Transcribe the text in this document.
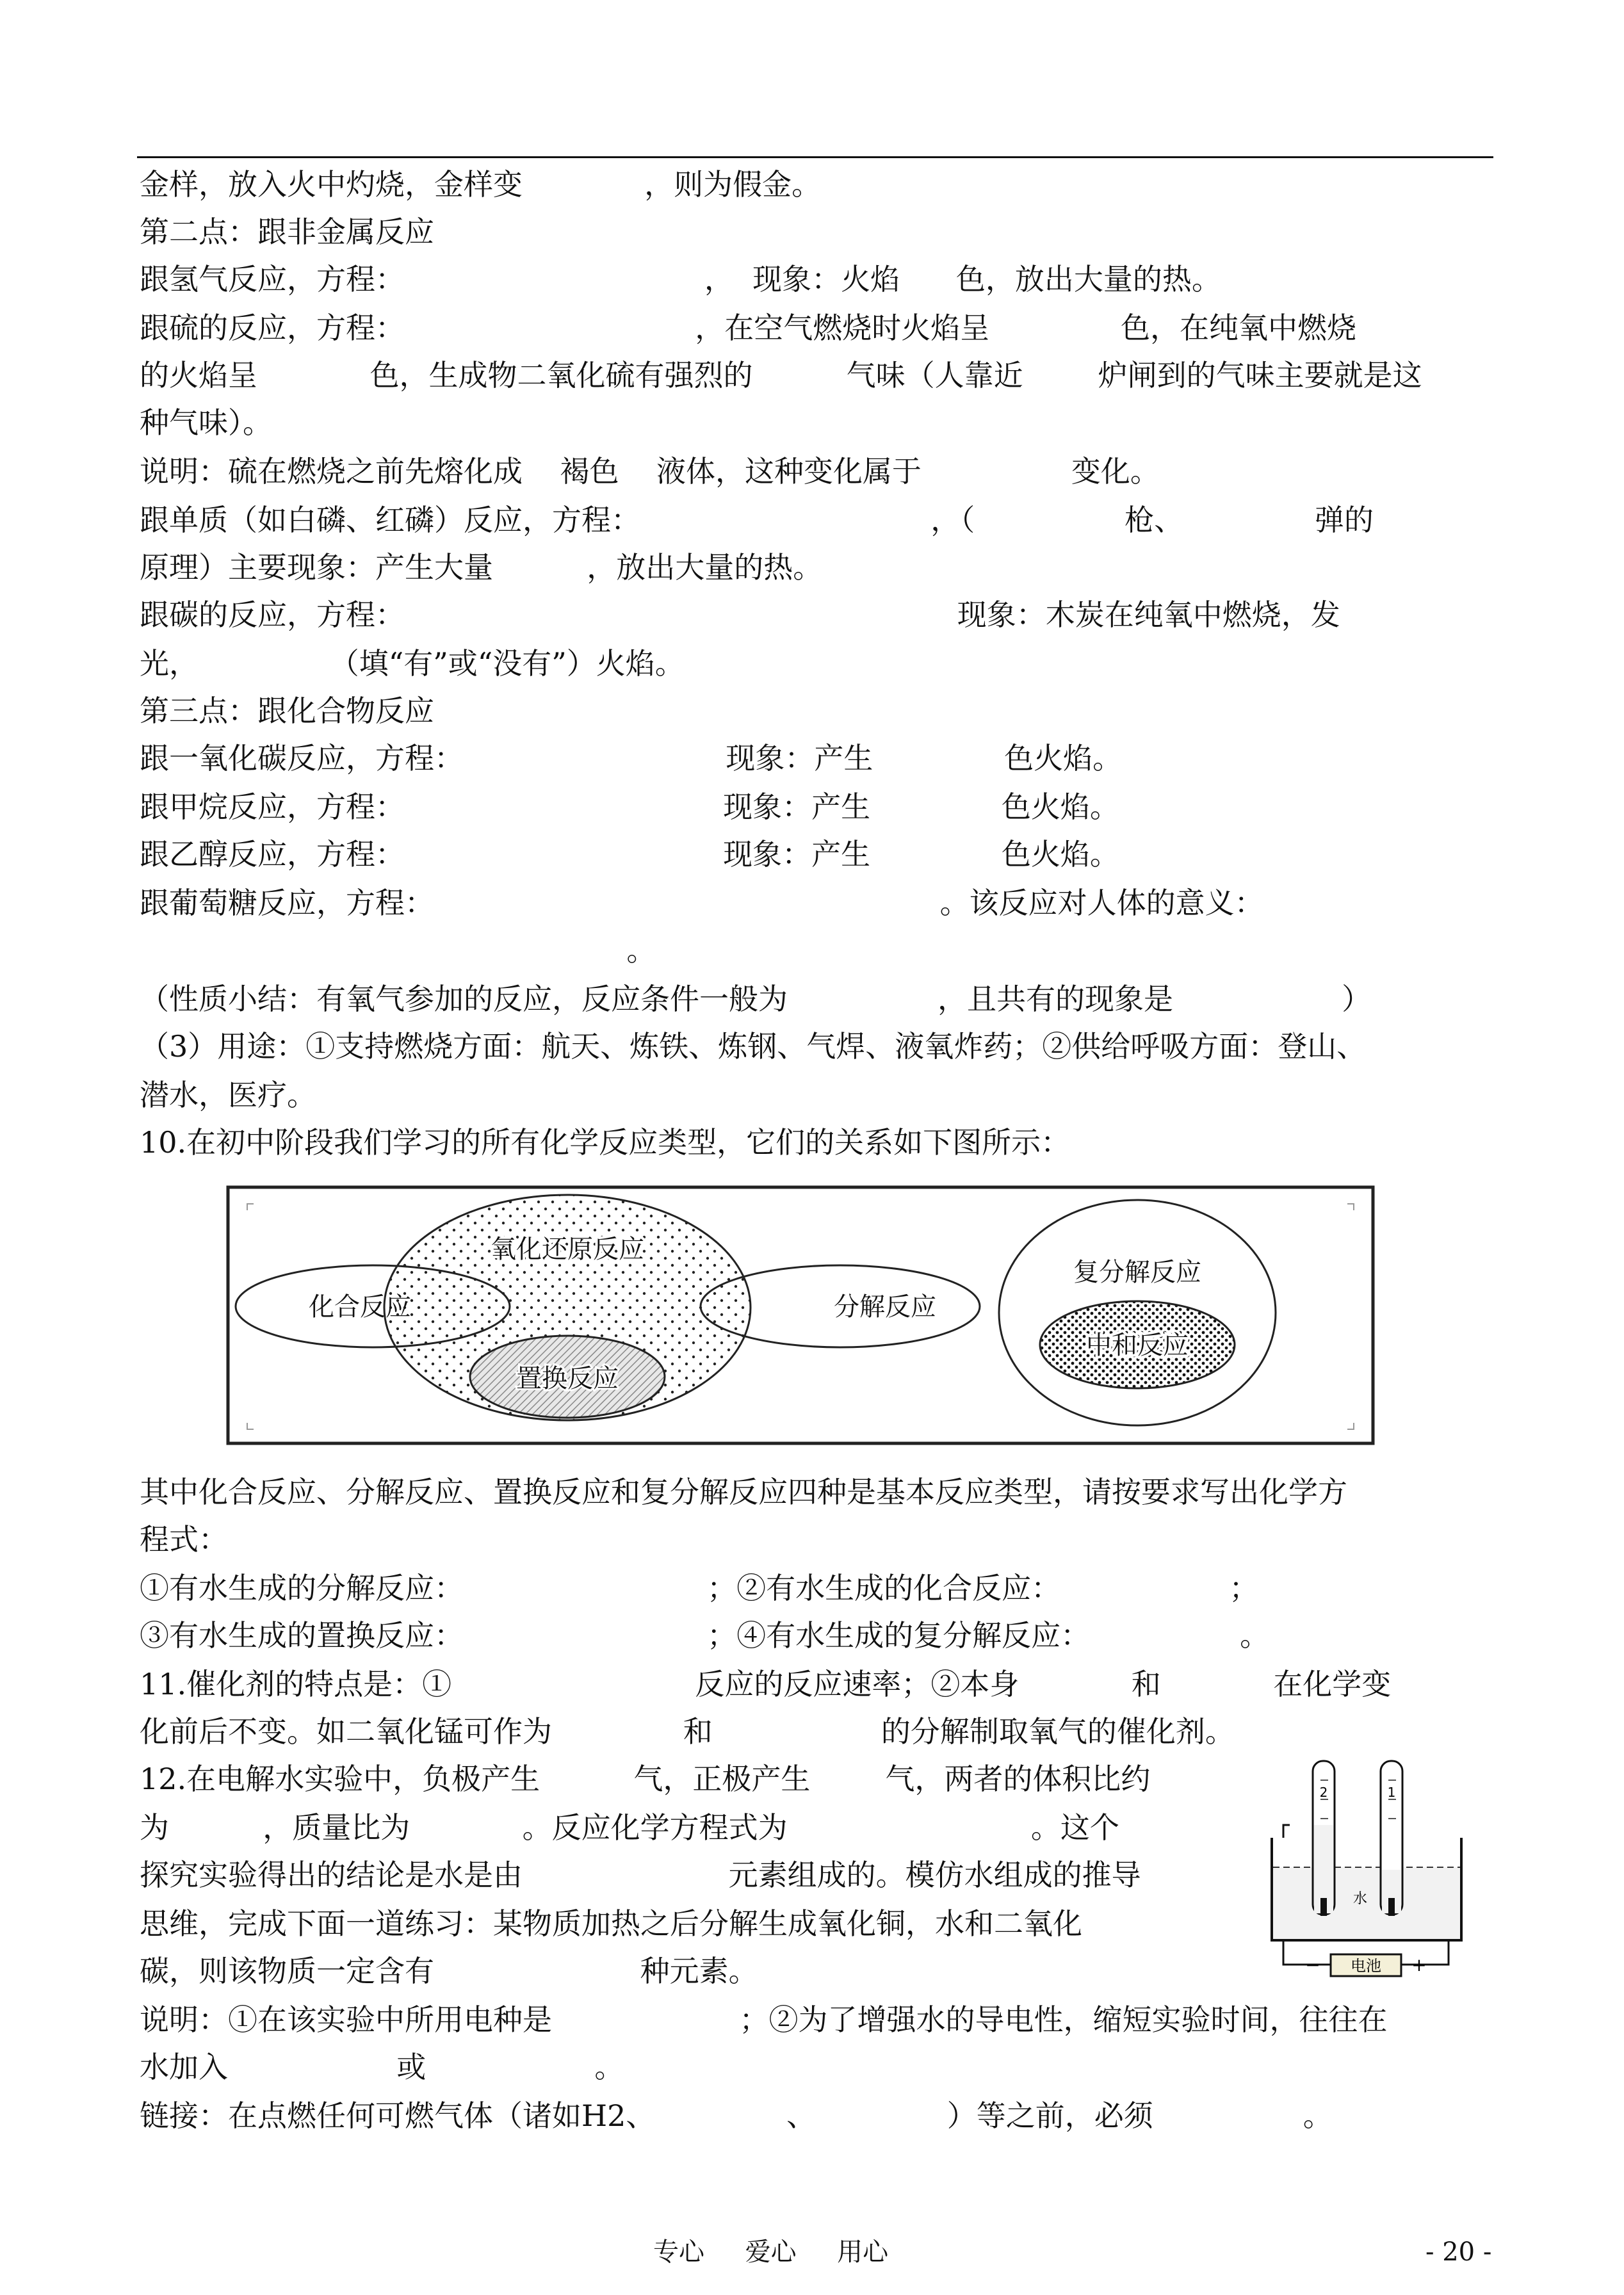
金样，放入火中灼烧，金样变             ，则为假金。
第二点：跟非金属反应
跟氢气反应，方程：                                ，  现象：火焰      色，放出大量的热。
跟硫的反应，方程：                               ，在空气燃烧时火焰呈              色，在纯氧中燃烧
的火焰呈            色，生成物二氧化硫有强烈的          气味（人靠近        炉闸到的气味主要就是这
种气味）。
说明：硫在燃烧之前先熔化成    褐色    液体，这种变化属于                变化。
跟单质（如白磷、红磷）反应，方程：                               ，（                枪、              弹的
原理）主要现象：产生大量          ，放出大量的热。
跟碳的反应，方程：                                                           现象：木炭在纯氧中燃烧，发
光，              （填“有”或“没有”）火焰。
第三点：跟化合物反应
跟一氧化碳反应，方程：                            现象：产生              色火焰。
跟甲烷反应，方程：                                  现象：产生              色火焰。
跟乙醇反应，方程：                                  现象：产生              色火焰。
跟葡萄糖反应，方程：                                                      。该反应对人体的意义：
。
（性质小结：有氧气参加的反应，反应条件一般为                ，且共有的现象是                  ）
（3）用途：①支持燃烧方面：航天、炼铁、炼钢、气焊、液氧炸药；②供给呼吸方面：登山、
潜水，医疗。
10.在初中阶段我们学习的所有化学反应类型，它们的关系如下图所示：
化合反应
氧化还原反应
分解反应
置换反应
复分解反应
中和反应
其中化合反应、分解反应、置换反应和复分解反应四种是基本反应类型，请按要求写出化学方
程式：
①有水生成的分解反应：                          ；②有水生成的化合反应：                  ；
③有水生成的置换反应：                          ；④有水生成的复分解反应：                。
11.催化剂的特点是：①                          反应的反应速率；②本身            和            在化学变
化前后不变。如二氧化锰可作为              和                  的分解制取氧气的催化剂。
12.在电解水实验中，负极产生          气，正极产生        气，两者的体积比约
为          ，质量比为            。反应化学方程式为                          。这个
探究实验得出的结论是水是由                      元素组成的。模仿水组成的推导
思维，完成下面一道练习：某物质加热之后分解生成氧化铜，水和二氧化
碳，则该物质一定含有                      种元素。
2	1
水
电池
−	+
说明：①在该实验中所用电种是                    ；②为了增强水的导电性，缩短实验时间，往往在
水加入                  或                  。
链接：在点燃任何可燃气体（诸如H2、              、              ）等之前，必须                。
专心     爱心     用心	- 20 -
